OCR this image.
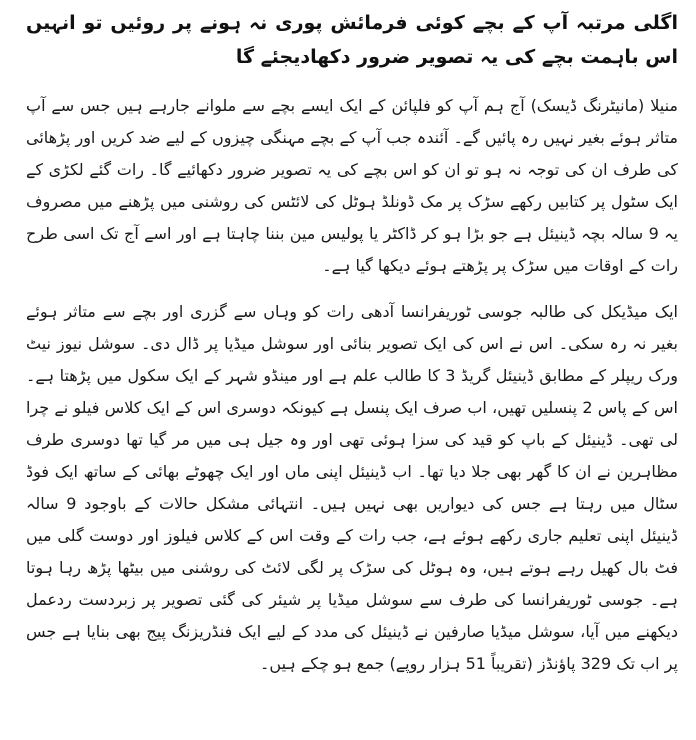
اگلی مرتبہ آپ کے بچے کوئی فرمائش پوری نہ ہونے پر روئیں تو انہیں اس باہمت بچے کی یہ تصویر ضرور دکھادیجئے گا

منیلا (مانیٹرنگ ڈیسک) آج ہم آپ کو فلپائن کے ایک ایسے بچے سے ملوانے جارہے ہیں جس سے آپ متاثر ہوئے بغیر نہیں رہ پائیں گے۔ آئندہ جب آپ کے بچے مہنگی چیزوں کے لیے ضد کریں اور پڑھائی کی طرف ان کی توجہ نہ ہو تو ان کو اس بچے کی یہ تصویر ضرور دکھائیے گا۔ رات گئے لکڑی کے ایک سٹول پر کتابیں رکھے سڑک پر مک ڈونلڈ ہوٹل کی لائٹس کی روشنی میں پڑھنے میں مصروف یہ 9 سالہ بچہ ڈینیئل ہے جو بڑا ہو کر ڈاکٹر یا پولیس مین بننا چاہتا ہے اور اسے آج تک اسی طرح رات کے اوقات میں سڑک پر پڑھتے ہوئے دیکھا گیا ہے۔

ایک میڈیکل کی طالبہ جوسی ٹوریفرانسا آدھی رات کو وہاں سے گزری اور بچے سے متاثر ہوئے بغیر نہ رہ سکی۔ اس نے اس کی ایک تصویر بنائی اور سوشل میڈیا پر ڈال دی۔ سوشل نیوز نیٹ ورک ریپلر کے مطابق ڈینیئل گریڈ 3 کا طالب علم ہے اور مینڈو شہر کے ایک سکول میں پڑھتا ہے۔ اس کے پاس 2 پنسلیں تھیں، اب صرف ایک پنسل ہے کیونکہ دوسری اس کے ایک کلاس فیلو نے چرا لی تھی۔ ڈینیئل کے باپ کو قید کی سزا ہوئی تھی اور وہ جیل ہی میں مر گیا تھا دوسری طرف مظاہرین نے ان کا گھر بھی جلا دیا تھا۔ اب ڈینیئل اپنی ماں اور ایک چھوٹے بھائی کے ساتھ ایک فوڈ سٹال میں رہتا ہے جس کی دیواریں بھی نہیں ہیں۔ انتہائی مشکل حالات کے باوجود 9 سالہ ڈینیئل اپنی تعلیم جاری رکھے ہوئے ہے، جب رات کے وقت اس کے کلاس فیلوز اور دوست گلی میں فٹ بال کھیل رہے ہوتے ہیں، وہ ہوٹل کی سڑک پر لگی لائٹ کی روشنی میں بیٹھا پڑھ رہا ہوتا ہے۔ جوسی ٹوریفرانسا کی طرف سے سوشل میڈیا پر شیئر کی گئی تصویر پر زبردست ردعمل دیکھنے میں آیا، سوشل میڈیا صارفین نے ڈینیئل کی مدد کے لیے ایک فنڈریزنگ پیج بھی بنایا ہے جس پر اب تک 329 پاؤنڈز (تقریباً 51 ہزار روپے) جمع ہو چکے ہیں۔
